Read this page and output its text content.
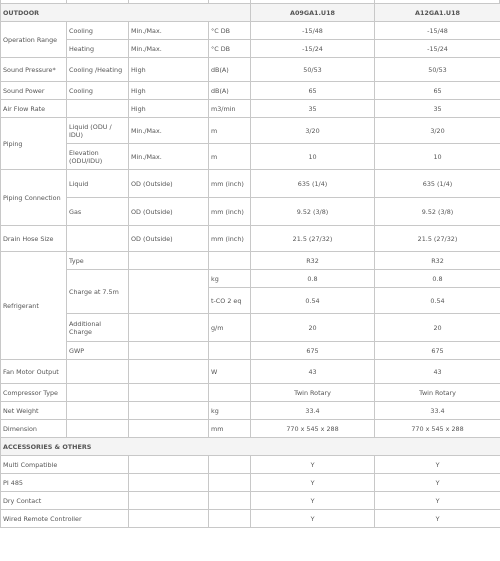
OUTDOOR				A09GA1.U18	A12GA1.U18
Operation Range	Cooling	Min./Max.	°C DB	-15/48	-15/48
	Heating	Min./Max.	°C DB	-15/24	-15/24
Sound Pressure*	Cooling /Heating	High	dB(A)	50/53	50/53
Sound Power	Cooling	High	dB(A)	65	65
Air Flow Rate		High	m3/min	35	35
Piping	Liquid (ODU / IDU)	Min./Max.	m	3/20	3/20
	Elevation (ODU/IDU)	Min./Max.	m	10	10
Piping Connection	Liquid	OD (Outside)	mm (inch)	635 (1/4)	635 (1/4)
	Gas	OD (Outside)	mm (inch)	9.52 (3/8)	9.52 (3/8)
Drain Hose Size		OD (Outside)	mm (inch)	21.5 (27/32)	21.5 (27/32)
Refrigerant	Type			R32	R32
	Charge at 7.5m		kg	0.8	0.8
			t-CO 2 eq	0.54	0.54
	Additional Charge		g/m	20	20
	GWP			675	675
Fan Motor Output			W	43	43
Compressor Type				Twin Rotary	Twin Rotary
Net Weight			kg	33.4	33.4
Dimension			mm	770 x 545 x 288	770 x 545 x 288
ACCESSORIES & OTHERS					
Multi Compatible				Y	Y
PI 485				Y	Y
Dry Contact				Y	Y
Wired Remote Controller				Y	Y
